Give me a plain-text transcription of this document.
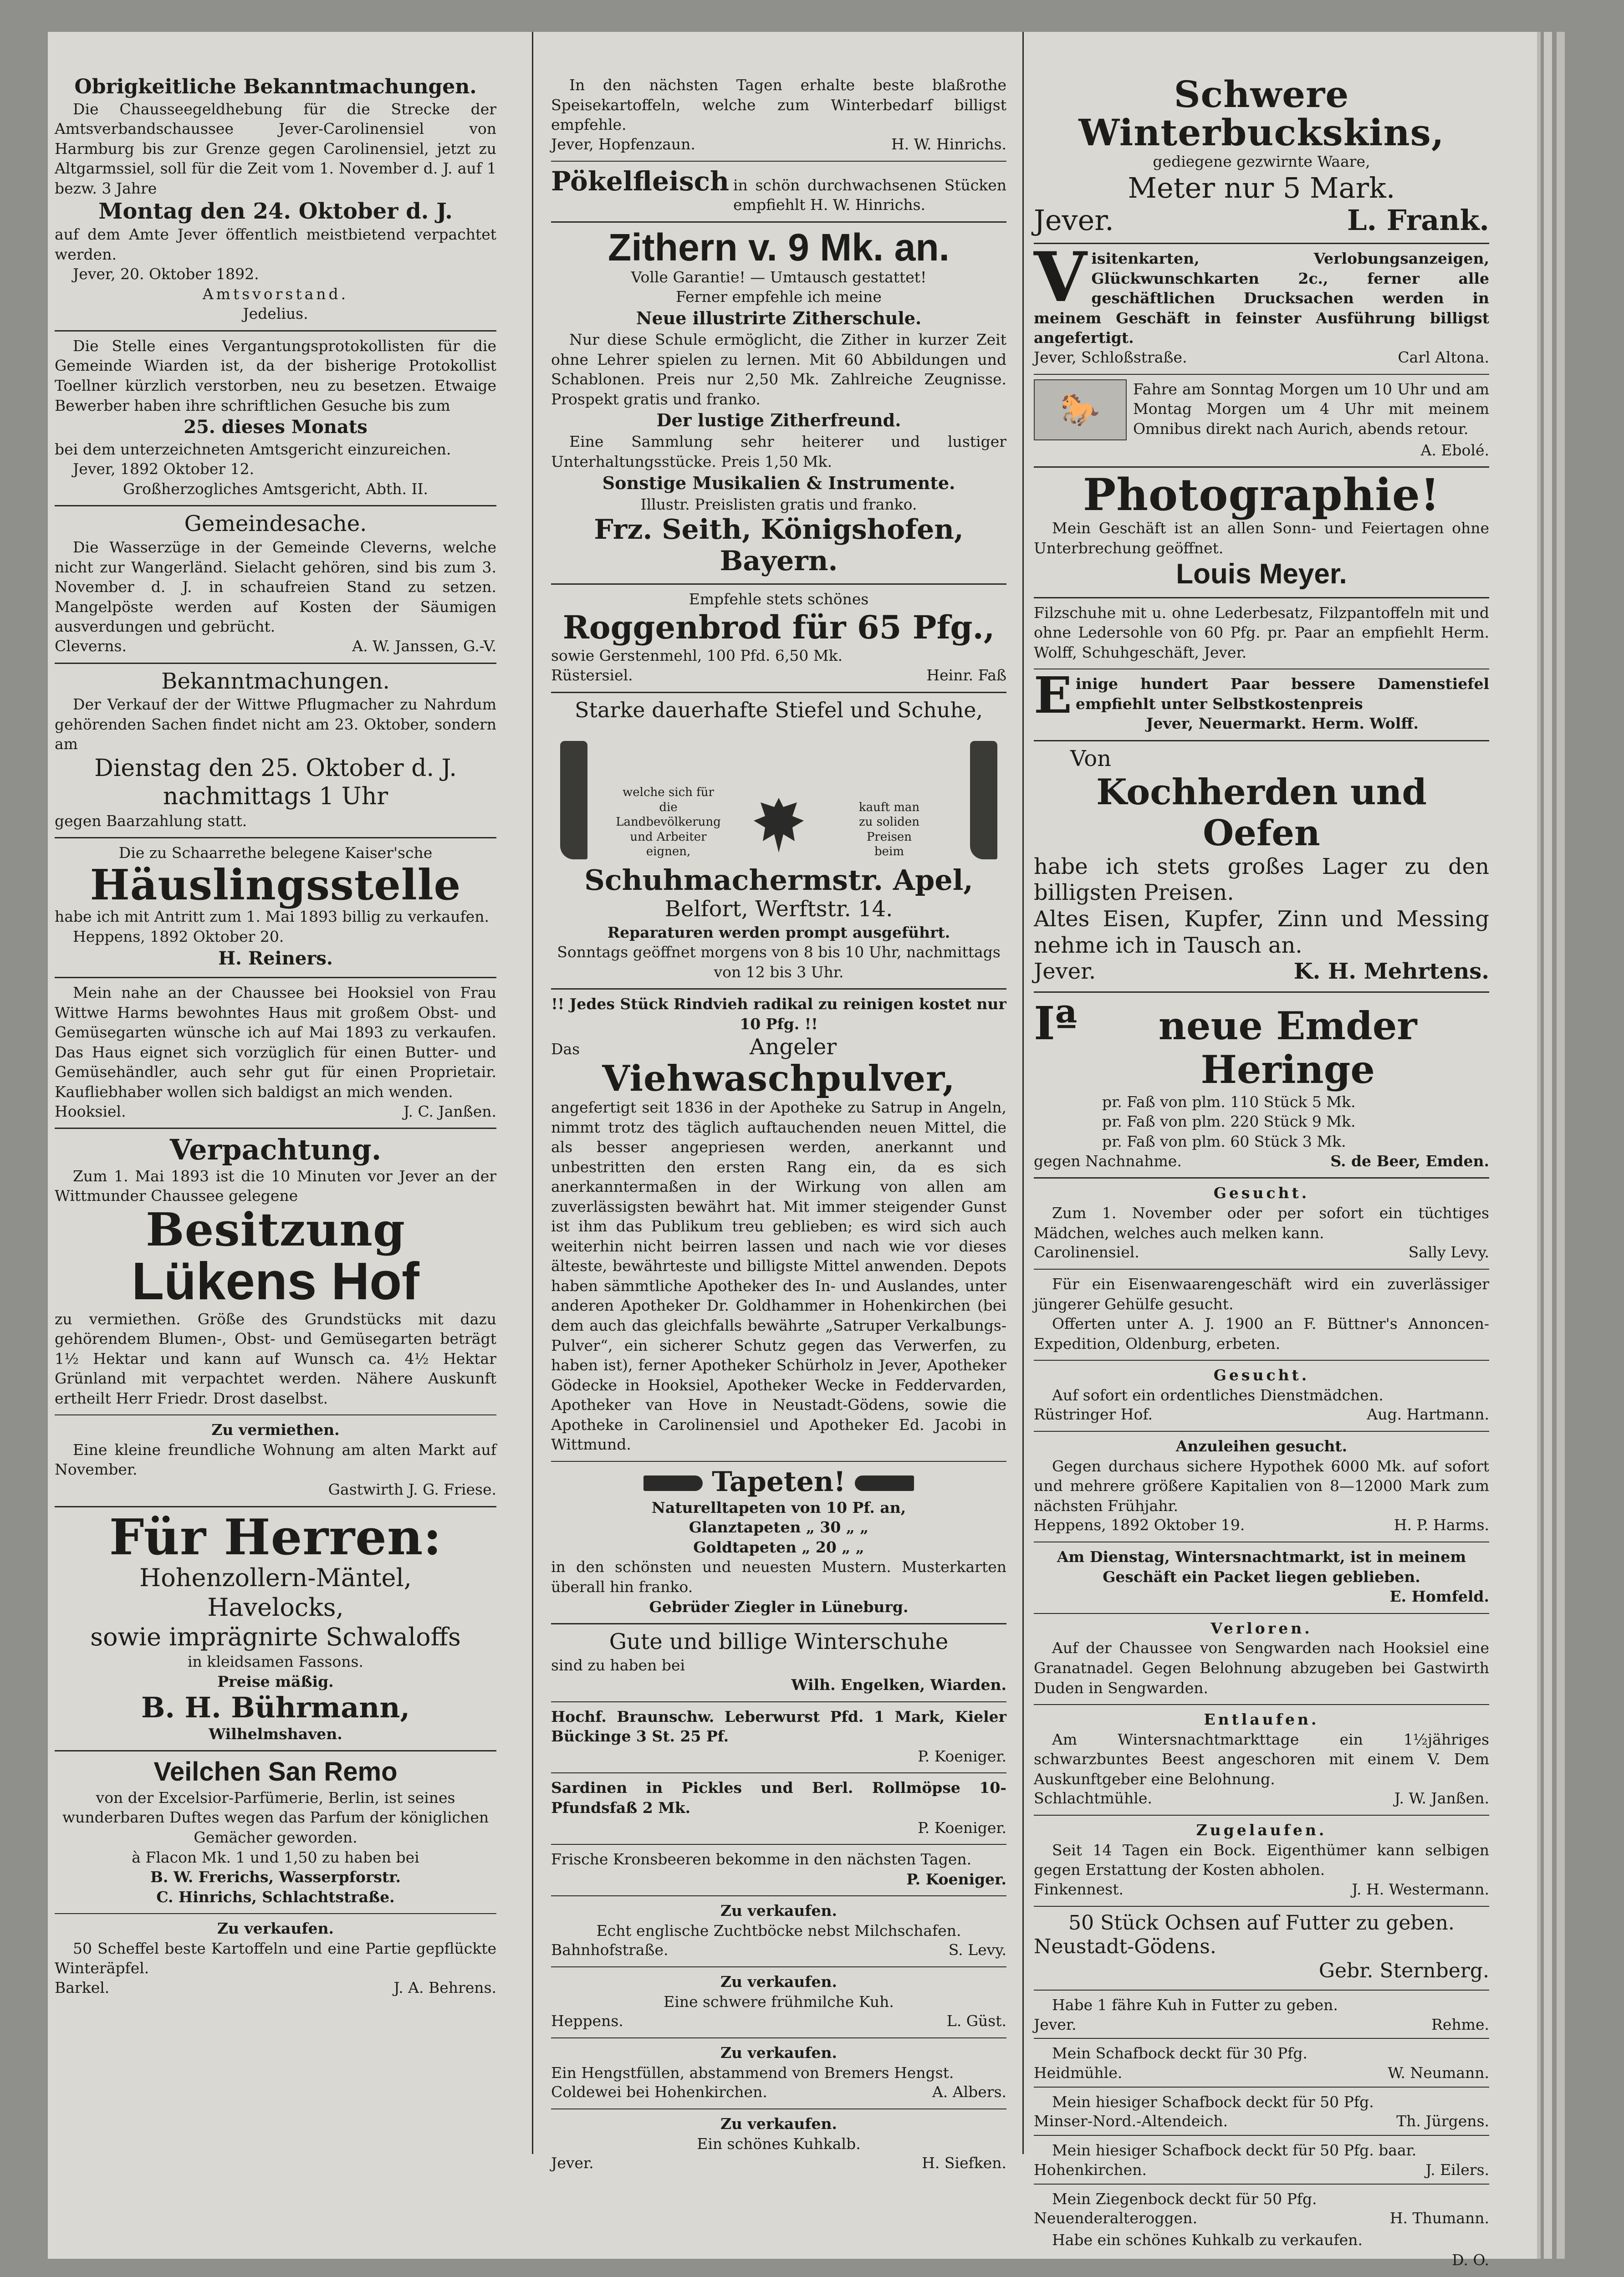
Obrigkeitliche Bekanntmachungen.

Die Chausseegeldhebung für die Strecke der Amtsverbandschaussee Jever-Carolinensiel von Harmburg bis zur Grenze gegen Carolinensiel, jetzt zu Altgarmssiel, soll für die Zeit vom 1. November d. J. auf 1 bezw. 3 Jahre

Montag den 24. Oktober d. J.

auf dem Amte Jever öffentlich meistbietend verpachtet werden.

Jever, 20. Oktober 1892.

Amtsvorstand.

Jedelius.

Die Stelle eines Vergantungsprotokollisten für die Gemeinde Wiarden ist, da der bisherige Protokollist Toellner kürzlich verstorben, neu zu besetzen. Etwaige Bewerber haben ihre schriftlichen Gesuche bis zum

25. dieses Monats

bei dem unterzeichneten Amtsgericht einzureichen.

Jever, 1892 Oktober 12.

Großherzogliches Amtsgericht, Abth. II.

Gemeindesache.

Die Wasserzüge in der Gemeinde Cleverns, welche nicht zur Wangerländ. Sielacht gehören, sind bis zum 3. November d. J. in schaufreien Stand zu setzen. Mangelpöste werden auf Kosten der Säumigen ausverdungen und gebrücht.

Cleverns.	A. W. Janssen, G.-V.

Bekanntmachungen.

Der Verkauf der der Wittwe Pflugmacher zu Nahrdum gehörenden Sachen findet nicht am 23. Oktober, sondern am

Dienstag den 25. Oktober d. J.

nachmittags 1 Uhr

gegen Baarzahlung statt.

Die zu Schaarrethe belegene Kaiser'sche

Häuslingsstelle

habe ich mit Antritt zum 1. Mai 1893 billig zu verkaufen.

Heppens, 1892 Oktober 20.

H. Reiners.

Mein nahe an der Chaussee bei Hooksiel von Frau Wittwe Harms bewohntes Haus mit großem Obst- und Gemüsegarten wünsche ich auf Mai 1893 zu verkaufen. Das Haus eignet sich vorzüglich für einen Butter- und Gemüsehändler, auch sehr gut für einen Proprietair. Kaufliebhaber wollen sich baldigst an mich wenden.

Hooksiel.	J. C. Janßen.

Verpachtung.

Zum 1. Mai 1893 ist die 10 Minuten vor Jever an der Wittmunder Chaussee gelegene

Besitzung

Lükens Hof

zu vermiethen. Größe des Grundstücks mit dazu gehörendem Blumen-, Obst- und Gemüsegarten beträgt 1½ Hektar und kann auf Wunsch ca. 4½ Hektar Grünland mit verpachtet werden. Nähere Auskunft ertheilt Herr Friedr. Drost daselbst.

Zu vermiethen.

Eine kleine freundliche Wohnung am alten Markt auf November.

Gastwirth J. G. Friese.

Für Herren:

Hohenzollern-Mäntel,

Havelocks,

sowie imprägnirte Schwaloffs

in kleidsamen Fassons.

Preise mäßig.

B. H. Bührmann,

Wilhelmshaven.

Veilchen San Remo

von der Excelsior-Parfümerie, Berlin, ist seines wunderbaren Duftes wegen das Parfum der königlichen Gemächer geworden.

à Flacon Mk. 1 und 1,50 zu haben bei

B. W. Frerichs, Wasserpforstr.

C. Hinrichs, Schlachtstraße.

Zu verkaufen.

50 Scheffel beste Kartoffeln und eine Partie gepflückte Winteräpfel.

Barkel.	J. A. Behrens.

In den nächsten Tagen erhalte beste blaßrothe Speisekartoffeln, welche zum Winterbedarf billigst empfehle.

Jever, Hopfenzaun.	H. W. Hinrichs.

Pökelfleisch in schön durchwachsenen Stücken empfiehlt H. W. Hinrichs.

Zithern v. 9 Mk. an.

Volle Garantie! — Umtausch gestattet!

Ferner empfehle ich meine

Neue illustrirte Zitherschule.

Nur diese Schule ermöglicht, die Zither in kurzer Zeit ohne Lehrer spielen zu lernen. Mit 60 Abbildungen und Schablonen. Preis nur 2,50 Mk. Zahlreiche Zeugnisse. Prospekt gratis und franko.

Der lustige Zitherfreund.

Eine Sammlung sehr heiterer und lustiger Unterhaltungsstücke. Preis 1,50 Mk.

Sonstige Musikalien & Instrumente.

Illustr. Preislisten gratis und franko.

Frz. Seith, Königshofen, Bayern.

Empfehle stets schönes

Roggenbrod für 65 Pfg.,

sowie Gerstenmehl, 100 Pfd. 6,50 Mk.

Rüstersiel.	Heinr. Faß

Starke dauerhafte Stiefel und Schuhe,

welche sich für die Landbevölkerung und Arbeiter eignen,
kauft man zu soliden Preisen beim

Schuhmachermstr. Apel,

Belfort, Werftstr. 14.

Reparaturen werden prompt ausgeführt.

Sonntags geöffnet morgens von 8 bis 10 Uhr, nachmittags von 12 bis 3 Uhr.

!! Jedes Stück Rindvieh radikal zu reinigen kostet nur 10 Pfg. !!

Das	Angeler

Viehwaschpulver,

angefertigt seit 1836 in der Apotheke zu Satrup in Angeln, nimmt trotz des täglich auftauchenden neuen Mittel, die als besser angepriesen werden, anerkannt und unbestritten den ersten Rang ein, da es sich anerkanntermaßen in der Wirkung von allen am zuverlässigsten bewährt hat. Mit immer steigender Gunst ist ihm das Publikum treu geblieben; es wird sich auch weiterhin nicht beirren lassen und nach wie vor dieses älteste, bewährteste und billigste Mittel anwenden. Depots haben sämmtliche Apotheker des In- und Auslandes, unter anderen Apotheker Dr. Goldhammer in Hohenkirchen (bei dem auch das gleichfalls bewährte „Satruper Verkalbungs-Pulver“, ein sicherer Schutz gegen das Verwerfen, zu haben ist), ferner Apotheker Schürholz in Jever, Apotheker Gödecke in Hooksiel, Apotheker Wecke in Feddervarden, Apotheker van Hove in Neustadt-Gödens, sowie die Apotheke in Carolinensiel und Apotheker Ed. Jacobi in Wittmund.

Tapeten!

Naturelltapeten von 10 Pf. an,

Glanztapeten „ 30 „ „

Goldtapeten „ 20 „ „

in den schönsten und neuesten Mustern. Musterkarten überall hin franko.

Gebrüder Ziegler in Lüneburg.

Gute und billige Winterschuhe

sind zu haben bei

Wilh. Engelken, Wiarden.

Hochf. Braunschw. Leberwurst Pfd. 1 Mark, Kieler Bückinge 3 St. 25 Pf.

P. Koeniger.

Sardinen in Pickles und Berl. Rollmöpse 10-Pfundsfaß 2 Mk.

P. Koeniger.

Frische Kronsbeeren bekomme in den nächsten Tagen.

P. Koeniger.

Zu verkaufen.

Echt englische Zuchtböcke nebst Milchschafen.

Bahnhofstraße.	S. Levy.

Zu verkaufen.

Eine schwere frühmilche Kuh.

Heppens.	L. Güst.

Zu verkaufen.

Ein Hengstfüllen, abstammend von Bremers Hengst.

Coldewei bei Hohenkirchen.	A. Albers.

Zu verkaufen.

Ein schönes Kuhkalb.

Jever.	H. Siefken.

Schwere Winterbuckskins,

gediegene gezwirnte Waare,

Meter nur 5 Mark.

Jever.	L. Frank.
V isitenkarten, Verlobungsanzeigen, Glückwunschkarten 2c., ferner alle geschäftlichen Drucksachen werden in meinem Geschäft in feinster Ausführung billigst angefertigt.

Jever, Schloßstraße.	Carl Altona.
🐎

Fahre am Sonntag Morgen um 10 Uhr und am Montag Morgen um 4 Uhr mit meinem Omnibus direkt nach Aurich, abends retour.

A. Ebolé.

Photographie!

Mein Geschäft ist an allen Sonn- und Feiertagen ohne Unterbrechung geöffnet.

Louis Meyer.

Filzschuhe mit u. ohne Lederbesatz, Filzpantoffeln mit und ohne Ledersohle von 60 Pfg. pr. Paar an empfiehlt Herm. Wolff, Schuhgeschäft, Jever.

E inige hundert Paar bessere Damenstiefel empfiehlt unter Selbstkostenpreis

Jever, Neuermarkt. Herm. Wolff.

Von

Kochherden und Oefen

habe ich stets großes Lager zu den billigsten Preisen.

Altes Eisen, Kupfer, Zinn und Messing nehme ich in Tausch an.

Jever.	K. H. Mehrtens.
Iª	neue Emder Heringe

pr. Faß von plm. 110 Stück 5 Mk.

pr. Faß von plm. 220 Stück 9 Mk.

pr. Faß von plm. 60 Stück 3 Mk.

gegen Nachnahme.	S. de Beer, Emden.

Gesucht.

Zum 1. November oder per sofort ein tüchtiges Mädchen, welches auch melken kann.

Carolinensiel.	Sally Levy.

Für ein Eisenwaarengeschäft wird ein zuverlässiger jüngerer Gehülfe gesucht.

Offerten unter A. J. 1900 an F. Büttner's Annoncen-Expedition, Oldenburg, erbeten.

Gesucht.

Auf sofort ein ordentliches Dienstmädchen.

Rüstringer Hof.	Aug. Hartmann.

Anzuleihen gesucht.

Gegen durchaus sichere Hypothek 6000 Mk. auf sofort und mehrere größere Kapitalien von 8—12000 Mark zum nächsten Frühjahr.

Heppens, 1892 Oktober 19.	H. P. Harms.

Am Dienstag, Wintersnachtmarkt, ist in meinem Geschäft ein Packet liegen geblieben.

E. Homfeld.

Verloren.

Auf der Chaussee von Sengwarden nach Hooksiel eine Granatnadel. Gegen Belohnung abzugeben bei Gastwirth Duden in Sengwarden.

Entlaufen.

Am Wintersnachtmarkttage ein 1½jähriges schwarzbuntes Beest angeschoren mit einem V. Dem Auskunftgeber eine Belohnung.

Schlachtmühle.	J. W. Janßen.

Zugelaufen.

Seit 14 Tagen ein Bock. Eigenthümer kann selbigen gegen Erstattung der Kosten abholen.

Finkennest.	J. H. Westermann.

50 Stück Ochsen auf Futter zu geben.

Neustadt-Gödens.

Gebr. Sternberg.

Habe 1 fähre Kuh in Futter zu geben.

Jever.	Rehme.

Mein Schafbock deckt für 30 Pfg.

Heidmühle.	W. Neumann.

Mein hiesiger Schafbock deckt für 50 Pfg.

Minser-Nord.-Altendeich.	Th. Jürgens.

Mein hiesiger Schafbock deckt für 50 Pfg. baar.

Hohenkirchen.	J. Eilers.

Mein Ziegenbock deckt für 50 Pfg.

Neuenderalteroggen.	H. Thumann.

Habe ein schönes Kuhkalb zu verkaufen.

D. O.
